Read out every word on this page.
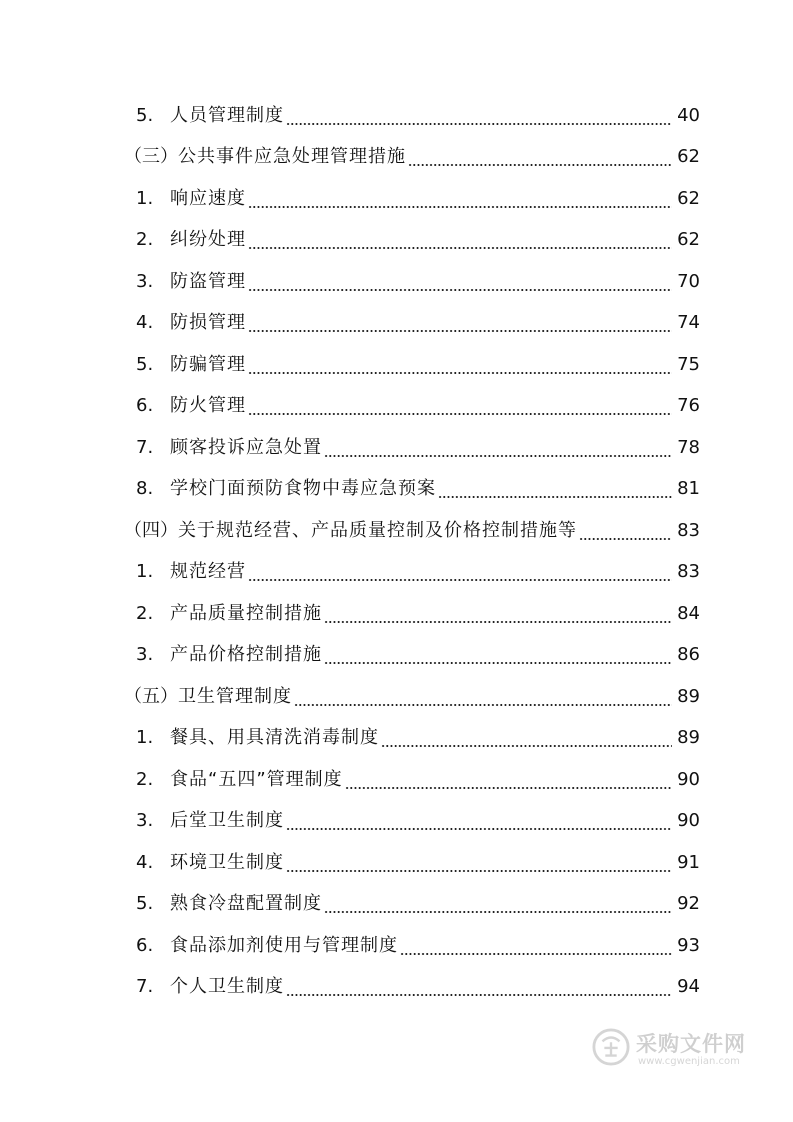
5. 人员管理制度	40
（三） 公共事件应急处理管理措施	62
1. 响应速度	62
2. 纠纷处理	62
3. 防盗管理	70
4. 防损管理	74
5. 防骗管理	75
6. 防火管理	76
7. 顾客投诉应急处置	78
8. 学校门面预防食物中毒应急预案	81
（四） 关于规范经营、产品质量控制及价格控制措施等	83
1. 规范经营	83
2. 产品质量控制措施	84
3. 产品价格控制措施	86
（五） 卫生管理制度	89
1. 餐具、用具清洗消毒制度	89
2. 食品“五四”管理制度	90
3. 后堂卫生制度	90
4. 环境卫生制度	91
5. 熟食冷盘配置制度	92
6. 食品添加剂使用与管理制度	93
7. 个人卫生制度	94
采购文件网
www.cgwenjian.com
